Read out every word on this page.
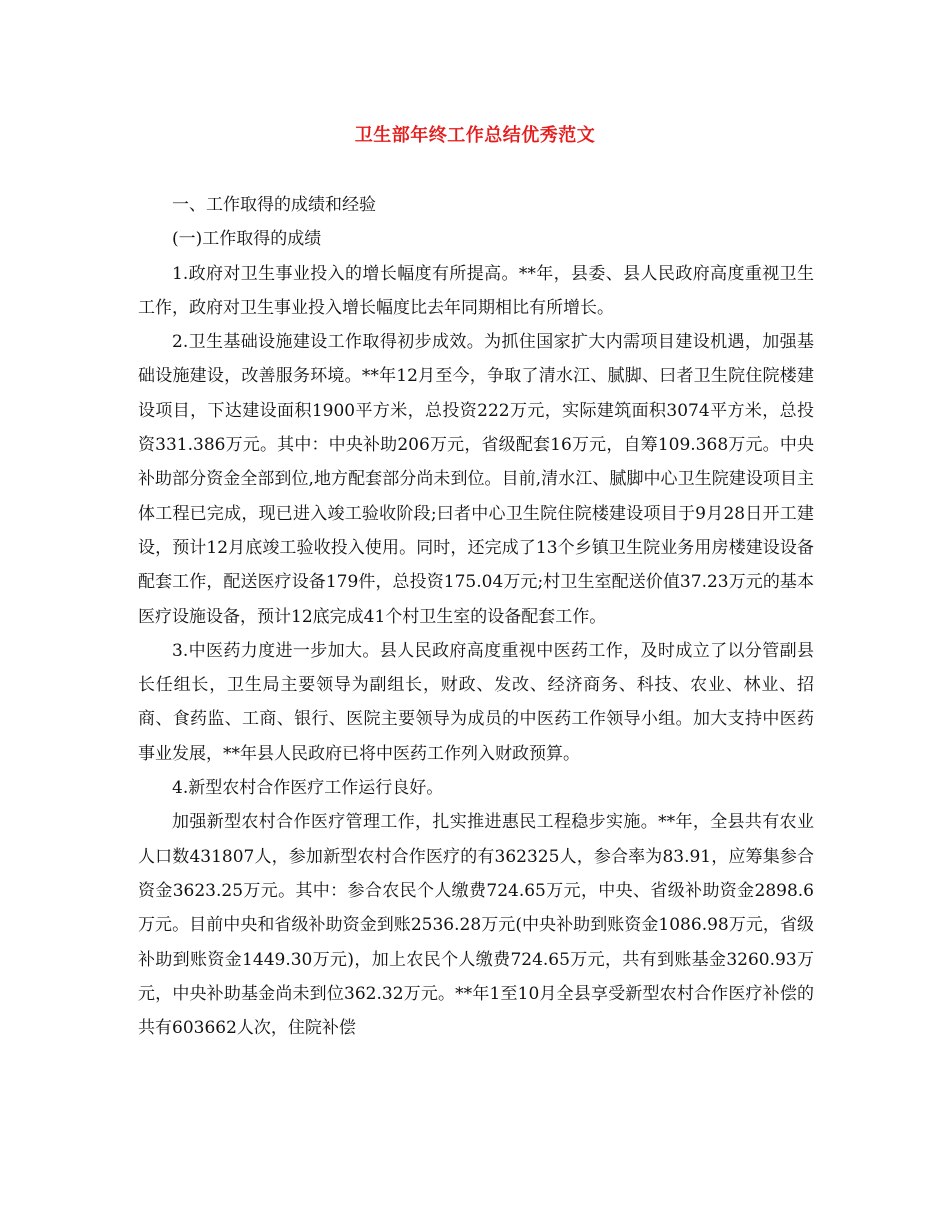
卫生部年终工作总结优秀范文

一、工作取得的成绩和经验

(一)工作取得的成绩

1.政府对卫生事业投入的增长幅度有所提高。**年，县委、县人民政府高度重视卫生工作，政府对卫生事业投入增长幅度比去年同期相比有所增长。

2.卫生基础设施建设工作取得初步成效。为抓住国家扩大内需项目建设机遇，加强基础设施建设，改善服务环境。**年12月至今，争取了清水江、腻脚、曰者卫生院住院楼建设项目，下达建设面积1900平方米，总投资222万元，实际建筑面积3074平方米，总投资331.386万元。其中：中央补助206万元，省级配套16万元，自筹109.368万元。中央补助部分资金全部到位,地方配套部分尚未到位。目前,清水江、腻脚中心卫生院建设项目主体工程已完成，现已进入竣工验收阶段;曰者中心卫生院住院楼建设项目于9月28日开工建设，预计12月底竣工验收投入使用。同时，还完成了13个乡镇卫生院业务用房楼建设设备配套工作，配送医疗设备179件，总投资175.04万元;村卫生室配送价值37.23万元的基本医疗设施设备，预计12底完成41个村卫生室的设备配套工作。

3.中医药力度进一步加大。县人民政府高度重视中医药工作，及时成立了以分管副县长任组长，卫生局主要领导为副组长，财政、发改、经济商务、科技、农业、林业、招商、食药监、工商、银行、医院主要领导为成员的中医药工作领导小组。加大支持中医药事业发展，**年县人民政府已将中医药工作列入财政预算。

4.新型农村合作医疗工作运行良好。

加强新型农村合作医疗管理工作，扎实推进惠民工程稳步实施。**年，全县共有农业人口数431807人，参加新型农村合作医疗的有362325人，参合率为83.91，应筹集参合资金3623.25万元。其中：参合农民个人缴费724.65万元，中央、省级补助资金2898.6万元。目前中央和省级补助资金到账2536.28万元(中央补助到账资金1086.98万元，省级补助到账资金1449.30万元)，加上农民个人缴费724.65万元，共有到账基金3260.93万元，中央补助基金尚未到位362.32万元。**年1至10月全县享受新型农村合作医疗补偿的共有603662人次，住院补偿
